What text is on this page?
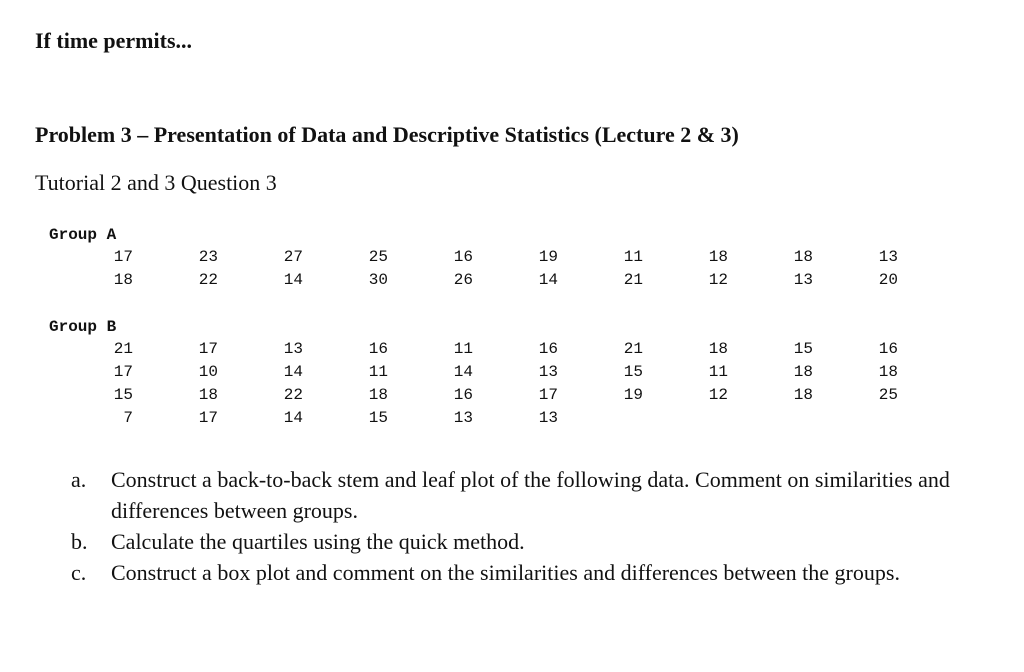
If time permits...
Problem 3 – Presentation of Data and Descriptive Statistics (Lecture 2 & 3)
Tutorial 2 and 3 Question 3
Group A
17	23	27	25	16	19	11	18	18	13
18	22	14	30	26	14	21	12	13	20
Group B
21	17	13	16	11	16	21	18	15	16
17	10	14	11	14	13	15	11	18	18
15	18	22	18	16	17	19	12	18	25
7	17	14	15	13	13
a.	Construct a back-to-back stem and leaf plot of the following data. Comment on similarities and differences between groups.
b.	Calculate the quartiles using the quick method.
c.	Construct a box plot and comment on the similarities and differences between the groups.
